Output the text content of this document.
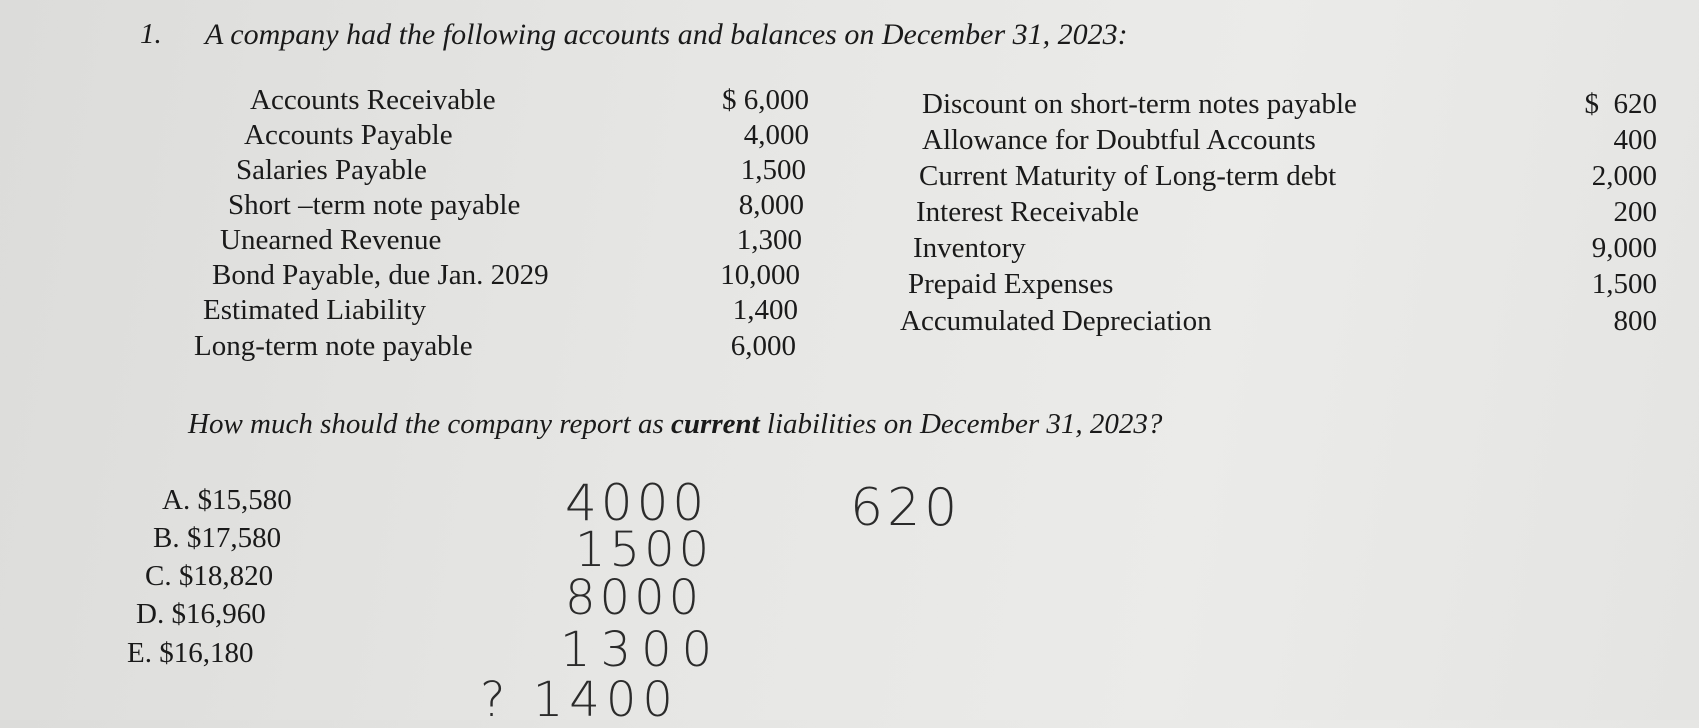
1. A company had the following accounts and balances on December 31, 2023:
Accounts Receivable	$ 6,000
Accounts Payable	4,000
Salaries Payable	1,500
Short –term note payable	8,000
Unearned Revenue	1,300
Bond Payable, due Jan. 2029	10,000
Estimated Liability	1,400
Long-term note payable	6,000
Discount on short-term notes payable	$  620
Allowance for Doubtful Accounts	400
Current Maturity of Long-term debt	2,000
Interest Receivable	200
Inventory	9,000
Prepaid Expenses	1,500
Accumulated Depreciation	800
How much should the company report as current liabilities on December 31, 2023?
A. $15,580
B. $17,580
C. $18,820
D. $16,960
E. $16,180
4000
1500
8000
1300
? 1400
620
